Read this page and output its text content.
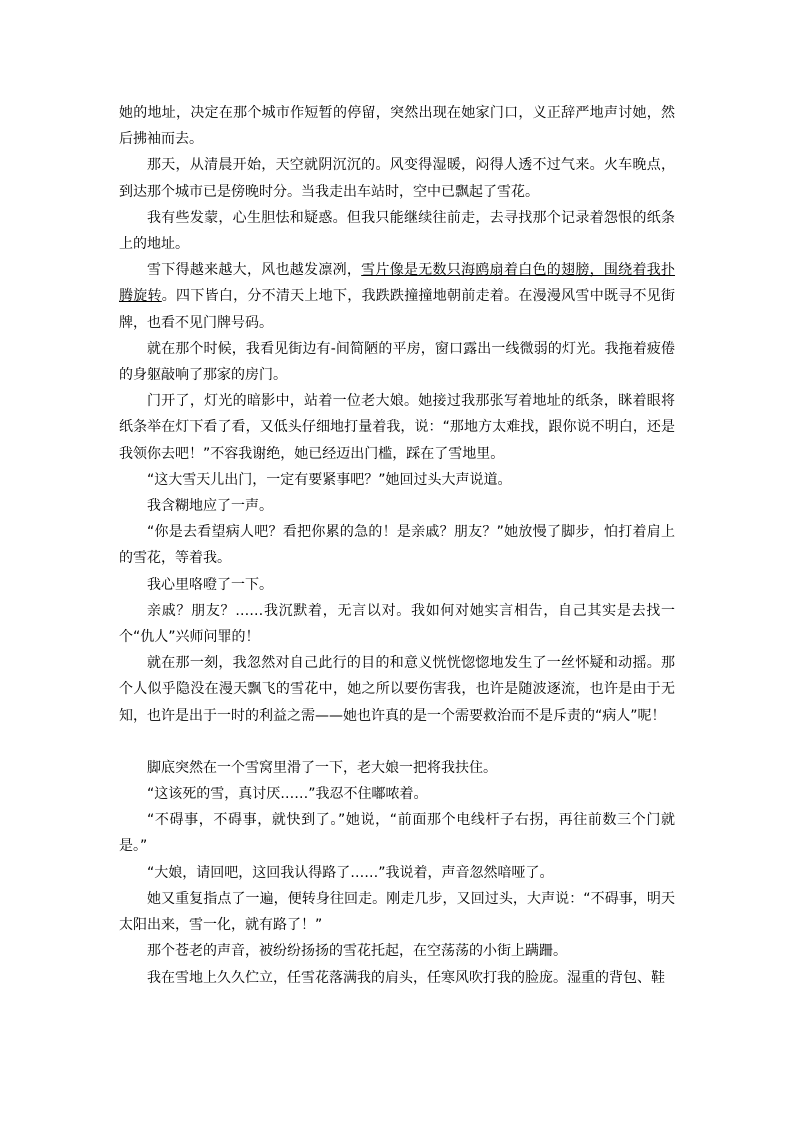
她的地址，决定在那个城市作短暂的停留，突然出现在她家门口，义正辞严地声讨她，然后拂袖而去。

那天，从清晨开始，天空就阴沉沉的。风变得湿暖，闷得人透不过气来。火车晚点，到达那个城市已是傍晚时分。当我走出车站时，空中已飘起了雪花。

我有些发蒙，心生胆怯和疑惑。但我只能继续往前走，去寻找那个记录着怨恨的纸条上的地址。

雪下得越来越大，风也越发凛冽，雪片像是无数只海鸥扇着白色的翅膀，围绕着我扑腾旋转。四下皆白，分不清天上地下，我跌跌撞撞地朝前走着。在漫漫风雪中既寻不见街牌，也看不见门牌号码。

就在那个时候，我看见街边有-间简陋的平房，窗口露出一线微弱的灯光。我拖着疲倦的身躯敲响了那家的房门。

门开了，灯光的暗影中，站着一位老大娘。她接过我那张写着地址的纸条，眯着眼将纸条举在灯下看了看，又低头仔细地打量着我，说：“那地方太难找，跟你说不明白，还是我领你去吧！”不容我谢绝，她已经迈出门槛，踩在了雪地里。

“这大雪天儿出门，一定有要紧事吧？”她回过头大声说道。

我含糊地应了一声。

“你是去看望病人吧？看把你累的急的！是亲戚？朋友？”她放慢了脚步，怕打着肩上的雪花，等着我。

我心里咯噔了一下。

亲戚？朋友？……我沉默着，无言以对。我如何对她实言相告，自己其实是去找一个“仇人”兴师问罪的！

就在那一刻，我忽然对自己此行的目的和意义恍恍惚惚地发生了一丝怀疑和动摇。那个人似乎隐没在漫天飘飞的雪花中，她之所以要伤害我，也许是随波逐流，也许是由于无知，也许是出于一时的利益之需——她也许真的是一个需要救治而不是斥责的“病人”呢！

脚底突然在一个雪窝里滑了一下，老大娘一把将我扶住。

“这该死的雪，真讨厌……”我忍不住嘟哝着。

“不碍事，不碍事，就快到了。”她说，“前面那个电线杆子右拐，再往前数三个门就是。”

“大娘，请回吧，这回我认得路了……”我说着，声音忽然喑哑了。

她又重复指点了一遍，便转身往回走。刚走几步，又回过头，大声说：“不碍事，明天太阳出来，雪一化，就有路了！”

那个苍老的声音，被纷纷扬扬的雪花托起，在空荡荡的小街上蹒跚。

我在雪地上久久伫立，任雪花落满我的肩头，任寒风吹打我的脸庞。湿重的背包、鞋
